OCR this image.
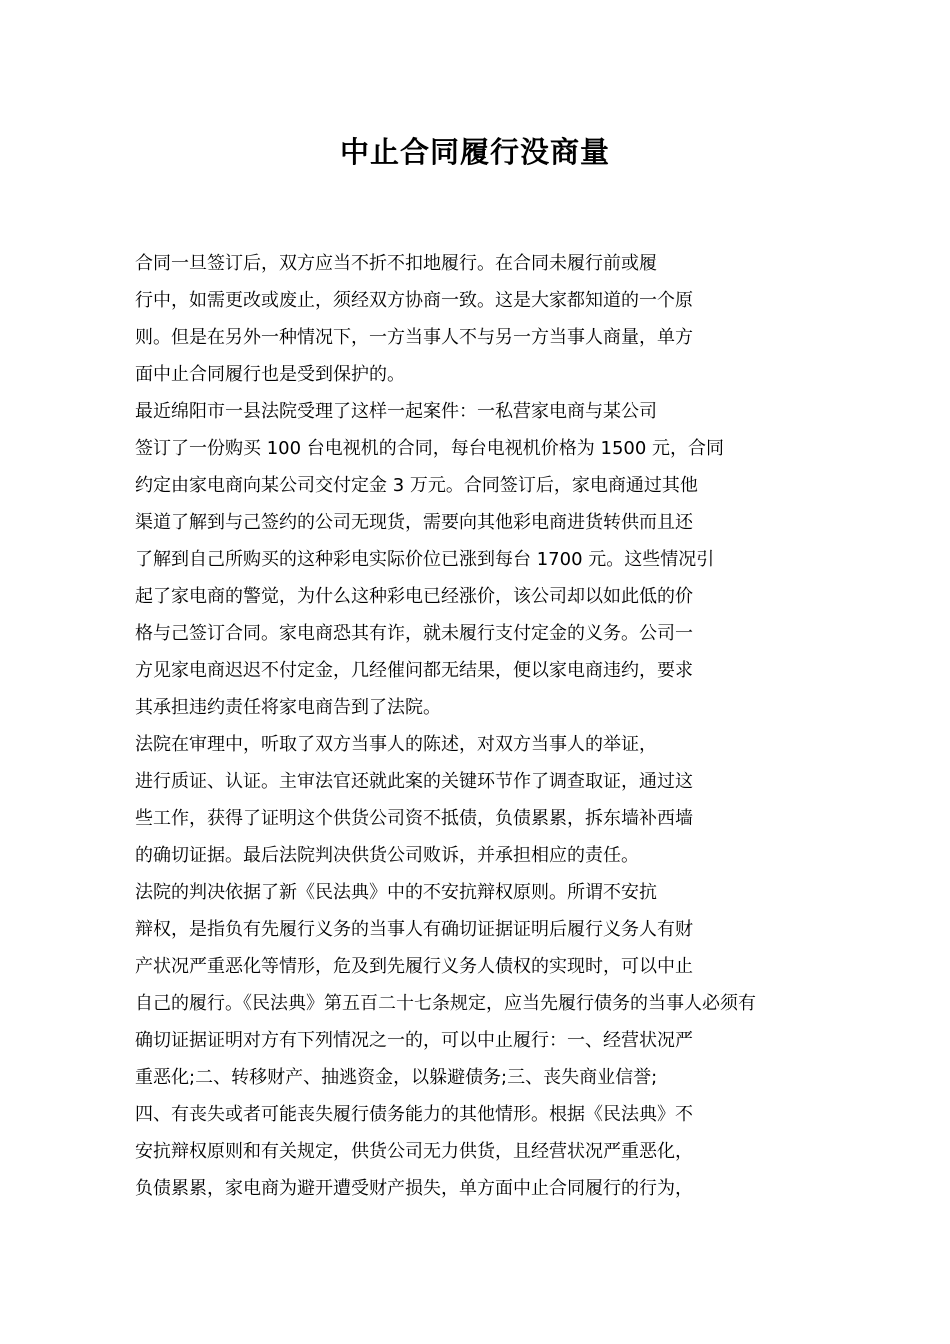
中止合同履行没商量
合同一旦签订后，双方应当不折不扣地履行。在合同未履行前或履
行中，如需更改或废止，须经双方协商一致。这是大家都知道的一个原
则。但是在另外一种情况下，一方当事人不与另一方当事人商量，单方
面中止合同履行也是受到保护的。
最近绵阳市一县法院受理了这样一起案件：一私营家电商与某公司
签订了一份购买 100 台电视机的合同，每台电视机价格为 1500 元，合同
约定由家电商向某公司交付定金 3 万元。合同签订后，家电商通过其他
渠道了解到与己签约的公司无现货，需要向其他彩电商进货转供而且还
了解到自己所购买的这种彩电实际价位已涨到每台 1700 元。这些情况引
起了家电商的警觉，为什么这种彩电已经涨价，该公司却以如此低的价
格与己签订合同。家电商恐其有诈，就未履行支付定金的义务。公司一
方见家电商迟迟不付定金，几经催问都无结果，便以家电商违约，要求
其承担违约责任将家电商告到了法院。
法院在审理中，听取了双方当事人的陈述，对双方当事人的举证，
进行质证、认证。主审法官还就此案的关键环节作了调查取证，通过这
些工作，获得了证明这个供货公司资不抵债，负债累累，拆东墙补西墙
的确切证据。最后法院判决供货公司败诉，并承担相应的责任。
法院的判决依据了新《民法典》中的不安抗辩权原则。所谓不安抗
辩权，是指负有先履行义务的当事人有确切证据证明后履行义务人有财
产状况严重恶化等情形，危及到先履行义务人债权的实现时，可以中止
自己的履行。《民法典》第五百二十七条规定，应当先履行债务的当事人必须有
确切证据证明对方有下列情况之一的，可以中止履行：一、经营状况严
重恶化;二、转移财产、抽逃资金，以躲避债务;三、丧失商业信誉;
四、有丧失或者可能丧失履行债务能力的其他情形。根据《民法典》不
安抗辩权原则和有关规定，供货公司无力供货，且经营状况严重恶化，
负债累累，家电商为避开遭受财产损失，单方面中止合同履行的行为，
